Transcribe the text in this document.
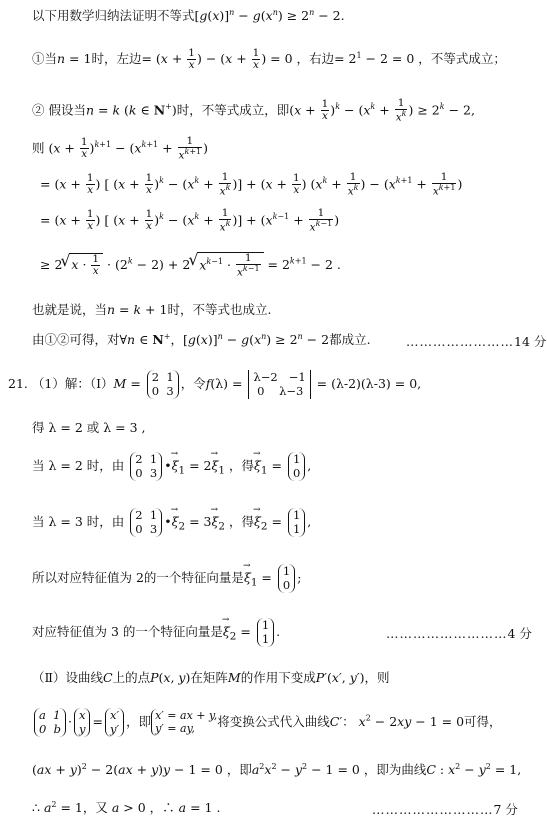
以下用数学归纳法证明不等式$[g(x)]^n - g(x^n) \ge 2^n - 2$.
①当n = 1时，左边= ($x + \frac{1}{x}$ ) − ($x + \frac{1}{x}$ ) = 0 ，右边= $2^1 - 2 = 0$ ，不等式成立；
② 假设当n = k (k ∈ N+)时，不等式成立，即$(x + \frac{1}{x} )^k - (x^k + \frac{1}{x^k}$ ) ≥ $2^k - 2$,
则 $(x + \frac{1}{x} )^{k+1} - (x^{k+1} + \frac{1}{x^{k+1}}$ )
= ($x + \frac{1}{x}$ ) [ $(x + \frac{1}{x} )^k - (x^k + \frac{1}{x^k}$ )] + ($x + \frac{1}{x}$ ) ($x^k + \frac{1}{x^k}$ ) − ($x^{k+1} + \frac{1}{x^{k+1}}$ )
= ($x + \frac{1}{x}$ ) [ $(x + \frac{1}{x} )^k - (x^k + \frac{1}{x^k}$ )] + ($x^{k-1} + \frac{1}{x^{k-1}}$ )
≥ 2√ $x \cdot \frac{1}{x} \cdot (2^k - 2) + 2√$ $x^{k-1} \cdot \frac{1}{x^{k-1}} = 2^{k+1} - 2$ .
也就是说，当n = k + 1时，不等式也成立.
由①②可得，对∀n ∈ N+，$[g(x)]^n - g(x^n) \ge 2^n - 2$都成立.	……………………14 分
21. （1）解：（Ⅰ）M = 2  1
0  3
，令f(λ) = λ−2   −1
0    λ−3
= (λ-2)(λ-3) = 0,
得 λ = 2 或 λ = 3 ,
当 λ = 2 时，由 2  1
0  3
•→ $\xi_1 = 2\to \xi_1$ ，得→ $\xi_1 = 1$
0
,
当 λ = 3 时，由 2  1
0  3
•→ $\xi_2 = 3\to \xi_2$ ，得→ $\xi_2 = 1$
1
,
所以对应特征值为 2的一个特征向量是→ $\xi_1 = 1$
0
;
对应特征值为 3 的一个特征向量是→ $\xi_2 = 1$
1
.	………………………4 分
（Ⅱ）设曲线C上的点P(x, y)在矩阵M的作用下变成P′(x′, y′)，则
a  1
0  b
· x
y
= x′
y′
，即 x′ = ax + y,
y′ = ay,	将变换公式代入曲线C′： $x^2 - 2xy - 1 = 0$可得，
(ax + y)$^2$ − 2(ax + y)y − 1 = 0 ，即$a^2x^2 - y^2 - 1 = 0$ ，即为曲线C : $x^2 - y^2 = 1$,
∴ $a^2 = 1$，又 a > 0 ，∴ a = 1 .	………………………7 分
